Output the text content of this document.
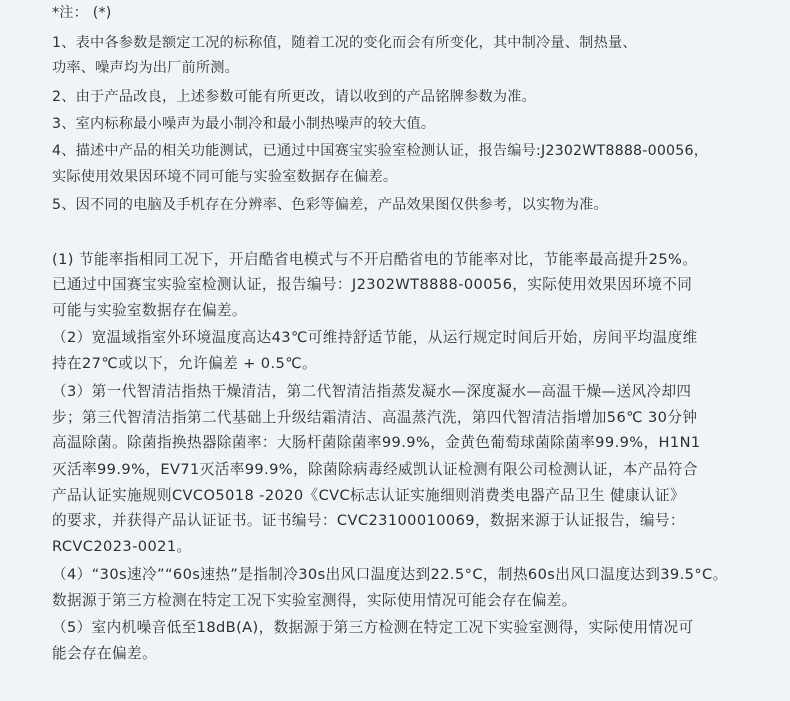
*注： (*)
1、表中各参数是额定工况的标称值，随着工况的变化而会有所变化，其中制冷量、制热量、
功率、噪声均为出厂前所测。
2、由于产品改良，上述参数可能有所更改，请以收到的产品铭牌参数为准。
3、室内标称最小噪声为最小制冷和最小制热噪声的较大值。
4、描述中产品的相关功能测试，已通过中国赛宝实验室检测认证，报告编号:J2302WT8888-00056，
实际使用效果因环境不同可能与实验室数据存在偏差。
5、因不同的电脑及手机存在分辨率、色彩等偏差，产品效果图仅供参考，以实物为准。
(1) 节能率指相同工况下，开启酷省电模式与不开启酷省电的节能率对比，节能率最高提升25%。
已通过中国赛宝实验室检测认证，报告编号：J2302WT8888-00056，实际使用效果因环境不同
可能与实验室数据存在偏差。
（2）宽温域指室外环境温度高达43℃可维持舒适节能，从运行规定时间后开始，房间平均温度维
持在27℃或以下，允许偏差 + 0.5℃。
（3）第一代智清洁指热干燥清洁，第二代智清洁指蒸发凝水—深度凝水—高温干燥—送风冷却四
步；第三代智清洁指第二代基础上升级结霜清洁、高温蒸汽洗，第四代智清洁指增加56℃ 30分钟
高温除菌。除菌指换热器除菌率：大肠杆菌除菌率99.9%，金黄色葡萄球菌除菌率99.9%，H1N1
灭活率99.9%，EV71灭活率99.9%，除菌除病毒经威凯认证检测有限公司检测认证，本产品符合
产品认证实施规则CVCO5018 -2020《CVC标志认证实施细则消费类电器产品卫生 健康认证》
的要求，并获得产品认证证书。证书编号：CVC23100010069，数据来源于认证报告，编号：
RCVC2023-0021。
（4）“30s速冷”“60s速热”是指制冷30s出风口温度达到22.5°C，制热60s出风口温度达到39.5°C。
数据源于第三方检测在特定工况下实验室测得，实际使用情况可能会存在偏差。
（5）室内机噪音低至18dB(A)，数据源于第三方检测在特定工况下实验室测得，实际使用情况可
能会存在偏差。
